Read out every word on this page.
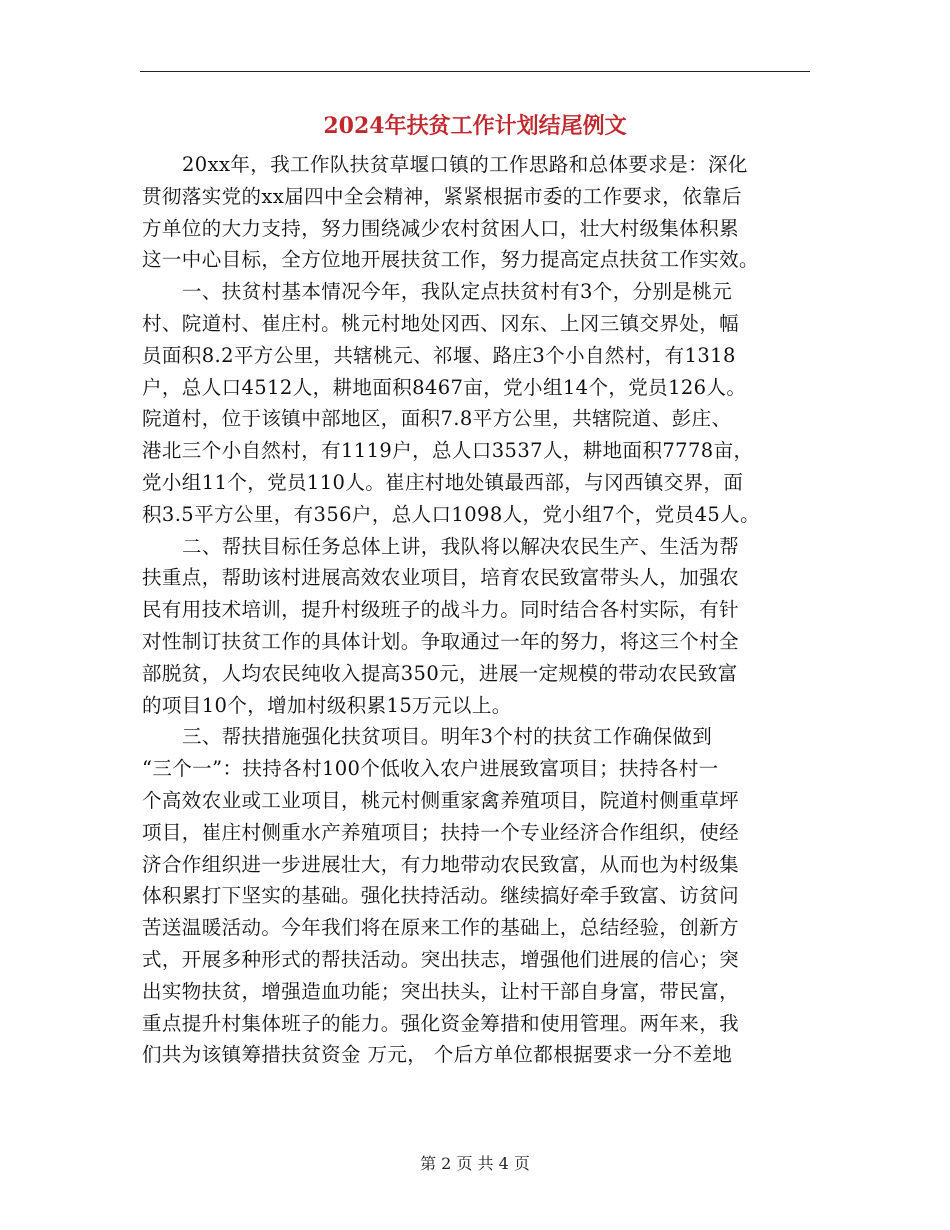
2024年扶贫工作计划结尾例文
20xx年，我工作队扶贫草堰口镇的工作思路和总体要求是：深化
贯彻落实党的xx届四中全会精神，紧紧根据市委的工作要求，依靠后
方单位的大力支持，努力围绕减少农村贫困人口，壮大村级集体积累
这一中心目标，全方位地开展扶贫工作，努力提高定点扶贫工作实效。
一、扶贫村基本情况今年，我队定点扶贫村有3个，分别是桃元
村、院道村、崔庄村。桃元村地处冈西、冈东、上冈三镇交界处，幅
员面积8.2平方公里，共辖桃元、祁堰、路庄3个小自然村，有1318
户，总人口4512人，耕地面积8467亩，党小组14个，党员126人。
院道村，位于该镇中部地区，面积7.8平方公里，共辖院道、彭庄、
港北三个小自然村，有1119户，总人口3537人，耕地面积7778亩，
党小组11个，党员110人。崔庄村地处镇最西部，与冈西镇交界，面
积3.5平方公里，有356户，总人口1098人，党小组7个，党员45人。
二、帮扶目标任务总体上讲，我队将以解决农民生产、生活为帮
扶重点，帮助该村进展高效农业项目，培育农民致富带头人，加强农
民有用技术培训，提升村级班子的战斗力。同时结合各村实际，有针
对性制订扶贫工作的具体计划。争取通过一年的努力，将这三个村全
部脱贫，人均农民纯收入提高350元，进展一定规模的带动农民致富
的项目10个，增加村级积累15万元以上。
三、帮扶措施强化扶贫项目。明年3个村的扶贫工作确保做到
“三个一”：扶持各村100个低收入农户进展致富项目；扶持各村一
个高效农业或工业项目，桃元村侧重家禽养殖项目，院道村侧重草坪
项目，崔庄村侧重水产养殖项目；扶持一个专业经济合作组织，使经
济合作组织进一步进展壮大，有力地带动农民致富，从而也为村级集
体积累打下坚实的基础。强化扶持活动。继续搞好牵手致富、访贫问
苦送温暖活动。今年我们将在原来工作的基础上，总结经验，创新方
式，开展多种形式的帮扶活动。突出扶志，增强他们进展的信心；突
出实物扶贫，增强造血功能；突出扶头，让村干部自身富，带民富，
重点提升村集体班子的能力。强化资金筹措和使用管理。两年来，我
们共为该镇筹措扶贫资金 万元， 个后方单位都根据要求一分不差地
第 2 页 共 4 页
